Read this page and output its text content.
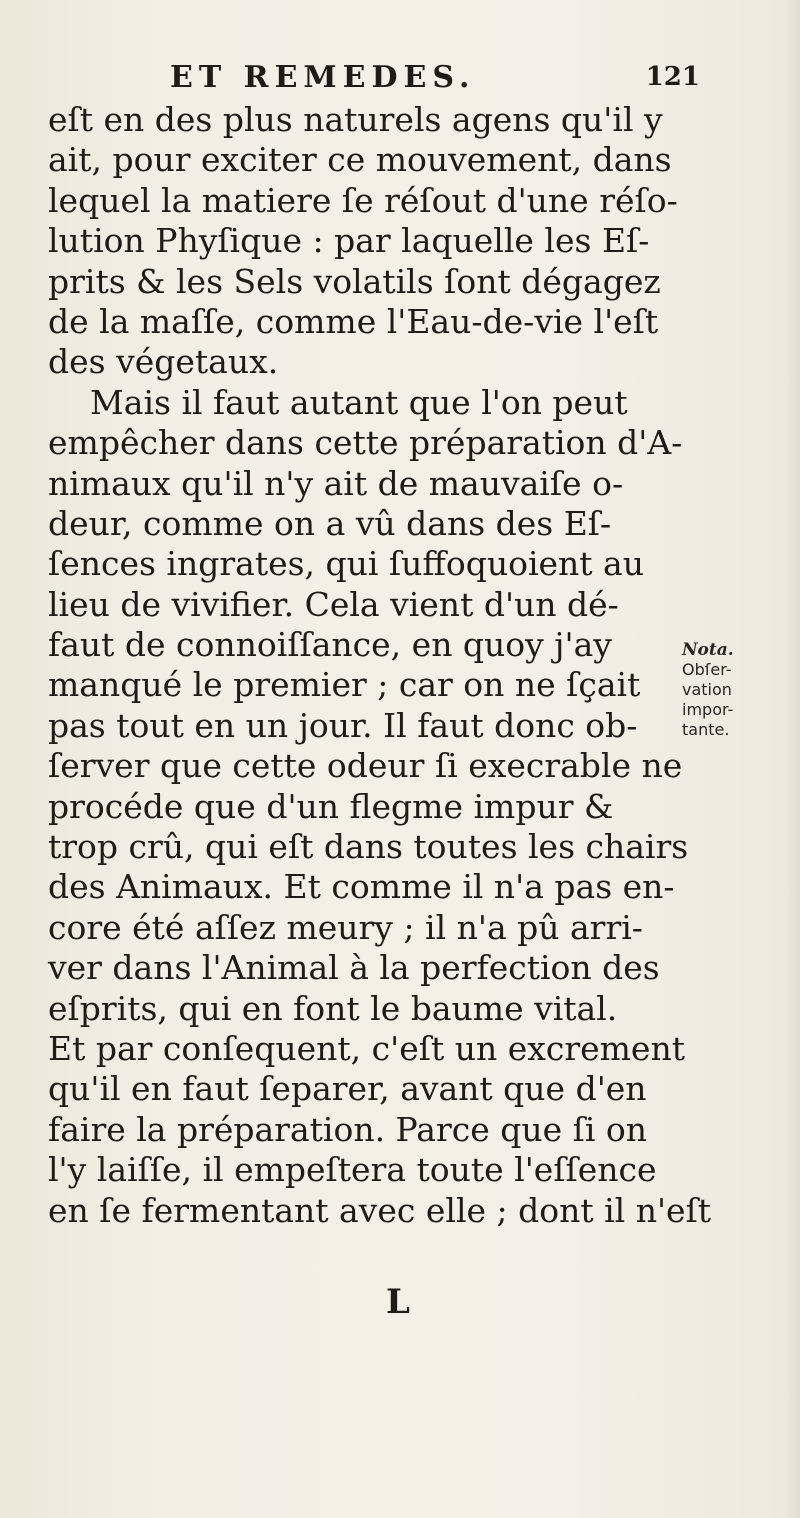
ET REMEDES.	121
eſt en des plus naturels agens qu'il y
ait, pour exciter ce mouvement, dans
lequel la matiere ſe réſout d'une réſo-
lution Phyſique : par laquelle les Eſ-
prits & les Sels volatils ſont dégagez
de la maſſe, comme l'Eau-de-vie l'eſt
des végetaux.
Mais il faut autant que l'on peut
empêcher dans cette préparation d'A-
nimaux qu'il n'y ait de mauvaiſe o-
deur, comme on a vû dans des Eſ-
ſences ingrates, qui ſuffoquoient au
lieu de vivifier. Cela vient d'un dé-
faut de connoiſſance, en quoy j'ay
manqué le premier ; car on ne ſçait
pas tout en un jour. Il faut donc ob-
ſerver que cette odeur ſi execrable ne
procéde que d'un flegme impur &
trop crû, qui eſt dans toutes les chairs
des Animaux. Et comme il n'a pas en-
core été aſſez meury ; il n'a pû arri-
ver dans l'Animal à la perfection des
eſprits, qui en font le baume vital.
Et par conſequent, c'eſt un excrement
qu'il en faut ſeparer, avant que d'en
faire la préparation. Parce que ſi on
l'y laiſſe, il empeſtera toute l'eſſence
en ſe fermentant avec elle ; dont il n'eſt
Nota.
Obſer-
vation
impor-
tante.
L
